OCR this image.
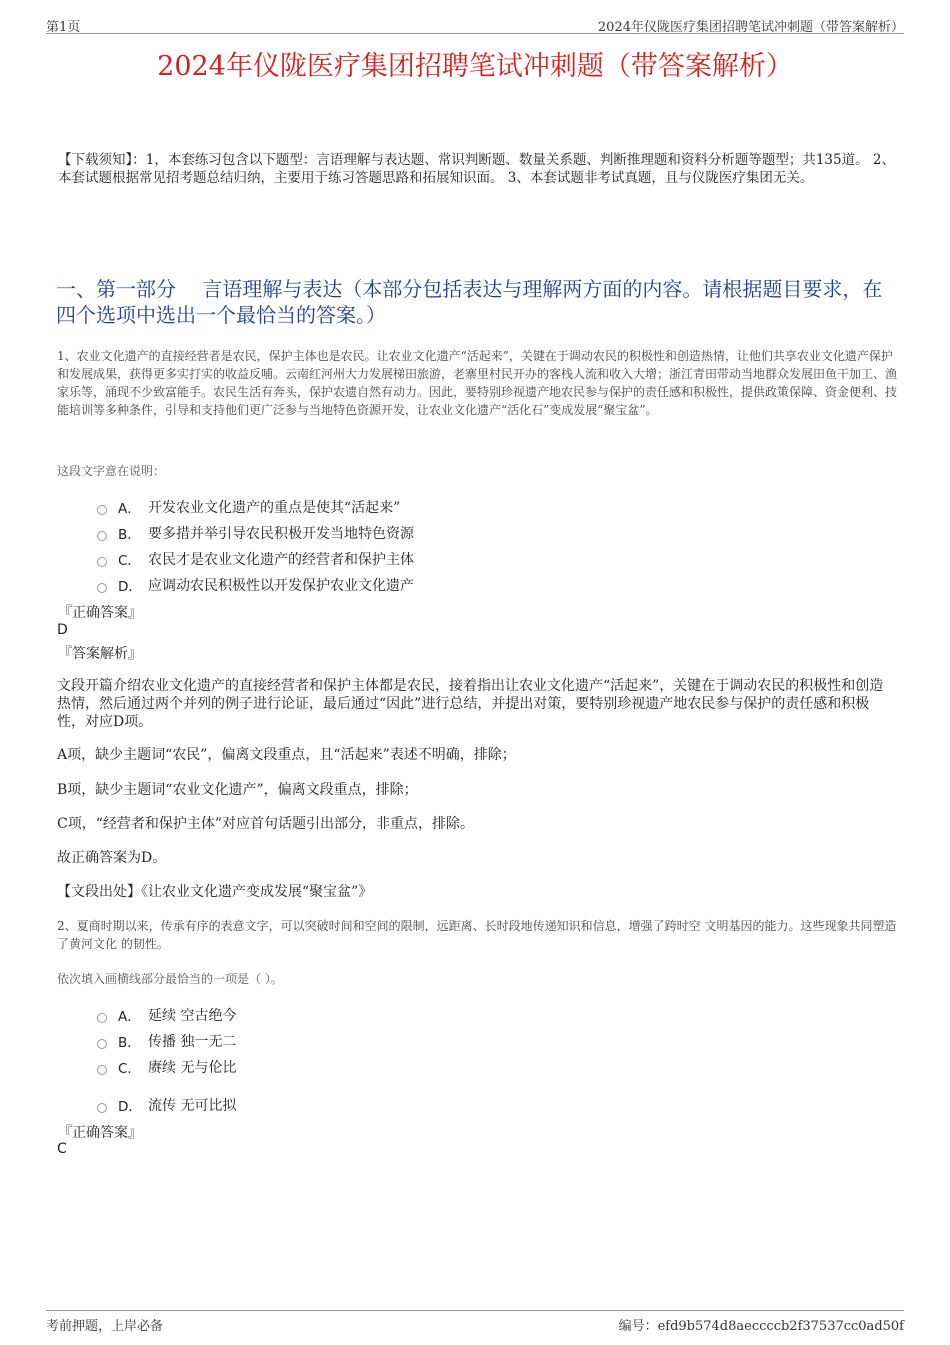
第1页	2024年仪陇医疗集团招聘笔试冲刺题（带答案解析）
2024年仪陇医疗集团招聘笔试冲刺题（带答案解析）
【下载须知】：1，本套练习包含以下题型：言语理解与表达题、常识判断题、数量关系题、判断推理题和资料分析题等题型；共135道。 2、本套试题根据常见招考题总结归纳，主要用于练习答题思路和拓展知识面。 3、本套试题非考试真题，且与仪陇医疗集团无关。
一、第一部分　 言语理解与表达（本部分包括表达与理解两方面的内容。请根据题目要求，在四个选项中选出一个最恰当的答案。）
1、农业文化遗产的直接经营者是农民，保护主体也是农民。让农业文化遗产“活起来”，关键在于调动农民的积极性和创造热情，让他们共享农业文化遗产保护和发展成果，获得更多实打实的收益反哺。云南红河州大力发展梯田旅游，老寨里村民开办的客栈人流和收入大增；浙江青田带动当地群众发展田鱼干加工、渔家乐等，涌现不少致富能手。农民生活有奔头，保护农遗自然有动力。因此，要特别珍视遗产地农民参与保护的责任感和积极性，提供政策保障、资金便利、技能培训等多种条件，引导和支持他们更广泛参与当地特色资源开发，让农业文化遗产“活化石”变成发展“聚宝盆”。
这段文字意在说明：
A． 开发农业文化遗产的重点是使其“活起来”
B． 要多措并举引导农民积极开发当地特色资源
C． 农民才是农业文化遗产的经营者和保护主体
D． 应调动农民积极性以开发保护农业文化遗产
『正确答案』
D
『答案解析』
文段开篇介绍农业文化遗产的直接经营者和保护主体都是农民，接着指出让农业文化遗产“活起来”，关键在于调动农民的积极性和创造热情，然后通过两个并列的例子进行论证，最后通过“因此”进行总结，并提出对策，要特别珍视遗产地农民参与保护的责任感和积极性，对应D项。
A项，缺少主题词“农民”，偏离文段重点，且“活起来”表述不明确，排除；
B项，缺少主题词“农业文化遗产”，偏离文段重点，排除；
C项，“经营者和保护主体”对应首句话题引出部分，非重点，排除。
故正确答案为D。
【文段出处】《让农业文化遗产变成发展“聚宝盆”》
2、夏商时期以来，传承有序的表意文字，可以突破时间和空间的限制，远距离、长时段地传递知识和信息，增强了跨时空 文明基因的能力。这些现象共同塑造了黄河文化 的韧性。
依次填入画横线部分最恰当的一项是（ ）。
A． 延续 空古绝今
B． 传播 独一无二
C． 赓续 无与伦比
D． 流传 无可比拟
『正确答案』
C
考前押题，上岸必备	编号：efd9b574d8aeccccb2f37537cc0ad50f
